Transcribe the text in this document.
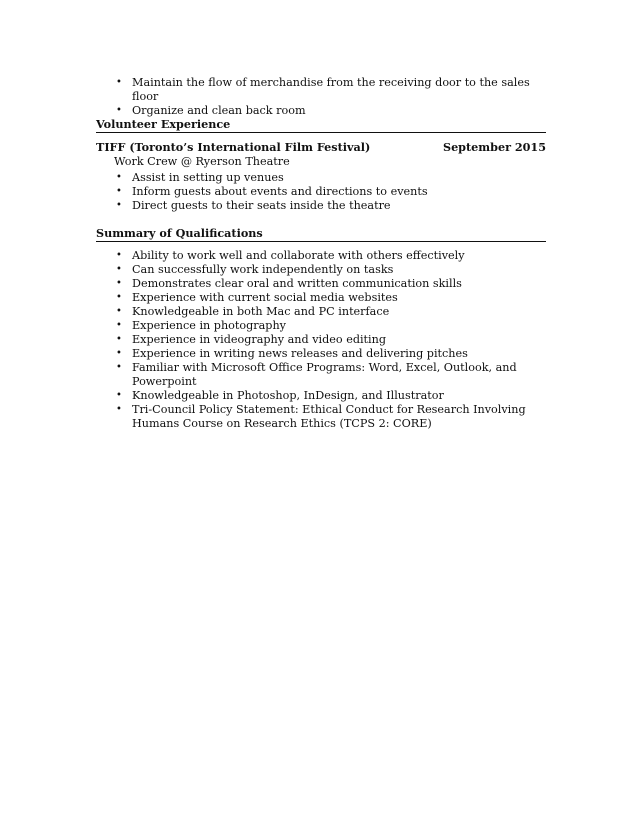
• Maintain the flow of merchandise from the receiving door to the sales floor
• Organize and clean back room
Volunteer Experience
TIFF (Toronto’s International Film Festival)	September 2015
Work Crew @ Ryerson Theatre
• Assist in setting up venues
• Inform guests about events and directions to events
• Direct guests to their seats inside the theatre
Summary of Qualifications
• Ability to work well and collaborate with others effectively
• Can successfully work independently on tasks
• Demonstrates clear oral and written communication skills
• Experience with current social media websites
• Knowledgeable in both Mac and PC interface
• Experience in photography
• Experience in videography and video editing
• Experience in writing news releases and delivering pitches
• Familiar with Microsoft Office Programs: Word, Excel, Outlook, and Powerpoint
• Knowledgeable in Photoshop, InDesign, and Illustrator
• Tri-Council Policy Statement: Ethical Conduct for Research Involving Humans Course on Research Ethics (TCPS 2: CORE)
